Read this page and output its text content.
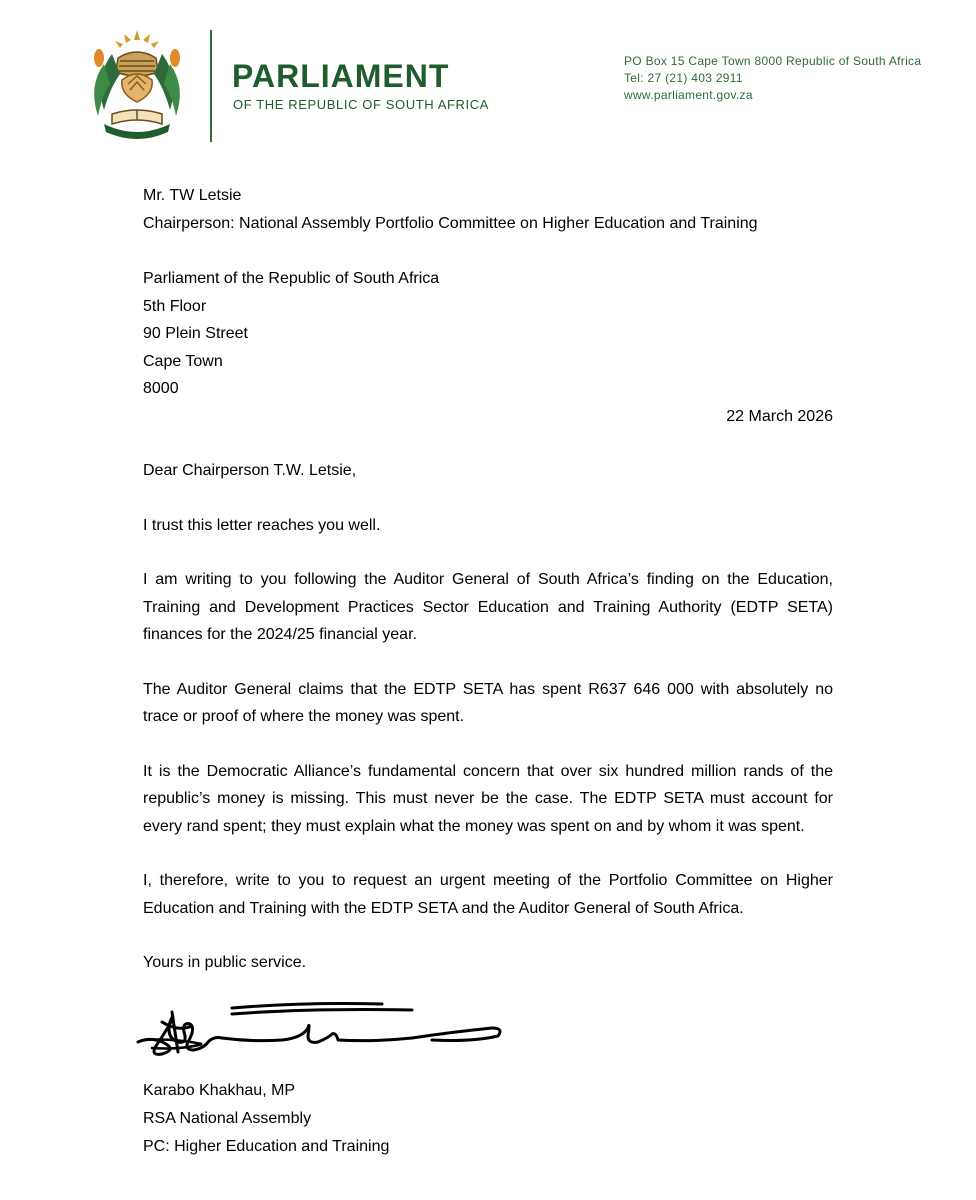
PARLIAMENT
OF THE REPUBLIC OF SOUTH AFRICA
PO Box 15 Cape Town 8000 Republic of South Africa
Tel: 27 (21) 403 2911
www.parliament.gov.za
Mr. TW Letsie
Chairperson: National Assembly Portfolio Committee on Higher Education and Training
Parliament of the Republic of South Africa
5th Floor
90 Plein Street
Cape Town
8000
22 March 2026
Dear Chairperson T.W. Letsie,

I trust this letter reaches you well.

I am writing to you following the Auditor General of South Africa’s finding on the Education, Training and Development Practices Sector Education and Training Authority (EDTP SETA) finances for the 2024/25 financial year.

The Auditor General claims that the EDTP SETA has spent R637 646 000 with absolutely no trace or proof of where the money was spent.

It is the Democratic Alliance’s fundamental concern that over six hundred million rands of the republic’s money is missing. This must never be the case. The EDTP SETA must account for every rand spent; they must explain what the money was spent on and by whom it was spent.

I, therefore, write to you to request an urgent meeting of the Portfolio Committee on Higher Education and Training with the EDTP SETA and the Auditor General of South Africa.

Yours in public service.
Karabo Khakhau, MP
RSA National Assembly
PC: Higher Education and Training
